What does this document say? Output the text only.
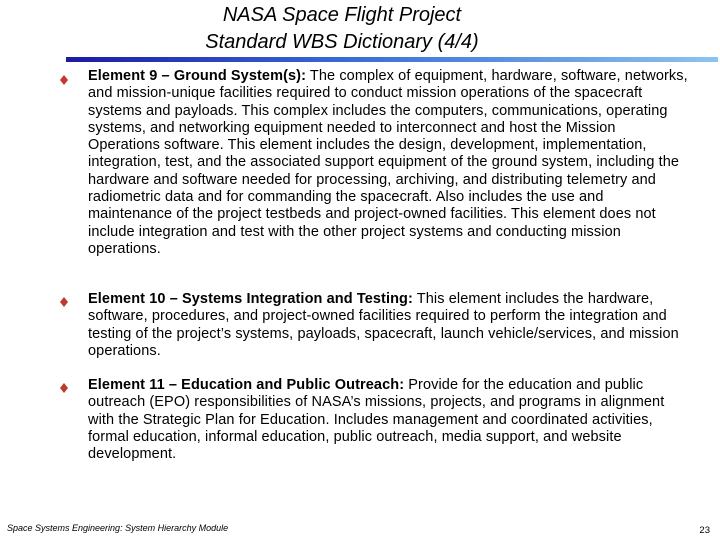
NASA Space Flight Project
Standard WBS Dictionary (4/4)
Element 9 – Ground System(s): The complex of equipment, hardware, software, networks, and mission-unique facilities required to conduct mission operations of the spacecraft systems and payloads. This complex includes the computers, communications, operating systems, and networking equipment needed to interconnect and host the Mission Operations software. This element includes the design, development, implementation, integration, test, and the associated support equipment of the ground system, including the hardware and software needed for processing, archiving, and distributing telemetry and radiometric data and for commanding the spacecraft. Also includes the use and maintenance of the project testbeds and project-owned facilities. This element does not include integration and test with the other project systems and conducting mission operations.
Element 10 – Systems Integration and Testing: This element includes the hardware, software, procedures, and project-owned facilities required to perform the integration and testing of the project’s systems, payloads, spacecraft, launch vehicle/services, and mission operations.
Element 11 – Education and Public Outreach: Provide for the education and public outreach (EPO) responsibilities of NASA’s missions, projects, and programs in alignment with the Strategic Plan for Education. Includes management and coordinated activities, formal education, informal education, public outreach, media support, and website development.
Space Systems Engineering: System Hierarchy Module	23
